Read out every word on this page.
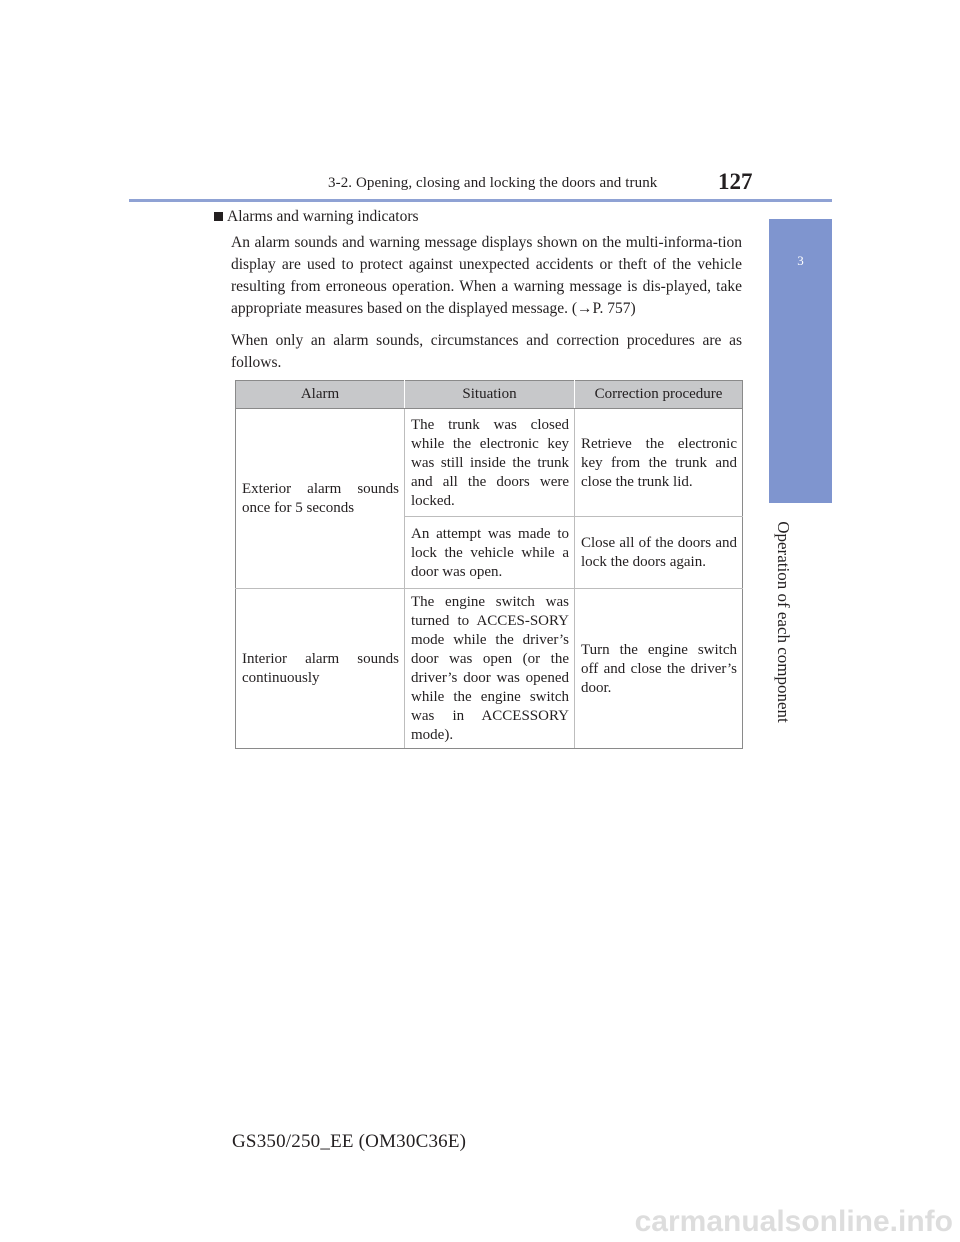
3-2. Opening, closing and locking the doors and trunk	127
3
Operation of each component
Alarms and warning indicators

An alarm sounds and warning message displays shown on the multi-informa-tion display are used to protect against unexpected accidents or theft of the vehicle resulting from erroneous operation. When a warning message is dis-played, take appropriate measures based on the displayed message. (→P. 757)

When only an alarm sounds, circumstances and correction procedures are as follows.

Alarm	Situation	Correction procedure
Exterior alarm sounds once for 5 seconds	The trunk was closed while the electronic key was still inside the trunk and all the doors were locked.	Retrieve the electronic key from the trunk and close the trunk lid.
	An attempt was made to lock the vehicle while a door was open.	Close all of the doors and lock the doors again.
Interior alarm sounds continuously	The engine switch was turned to ACCES-SORY mode while the driver’s door was open (or the driver’s door was opened while the engine switch was in ACCESSORY mode).	Turn the engine switch off and close the driver’s door.
GS350/250_EE (OM30C36E)
carmanualsonline.info
